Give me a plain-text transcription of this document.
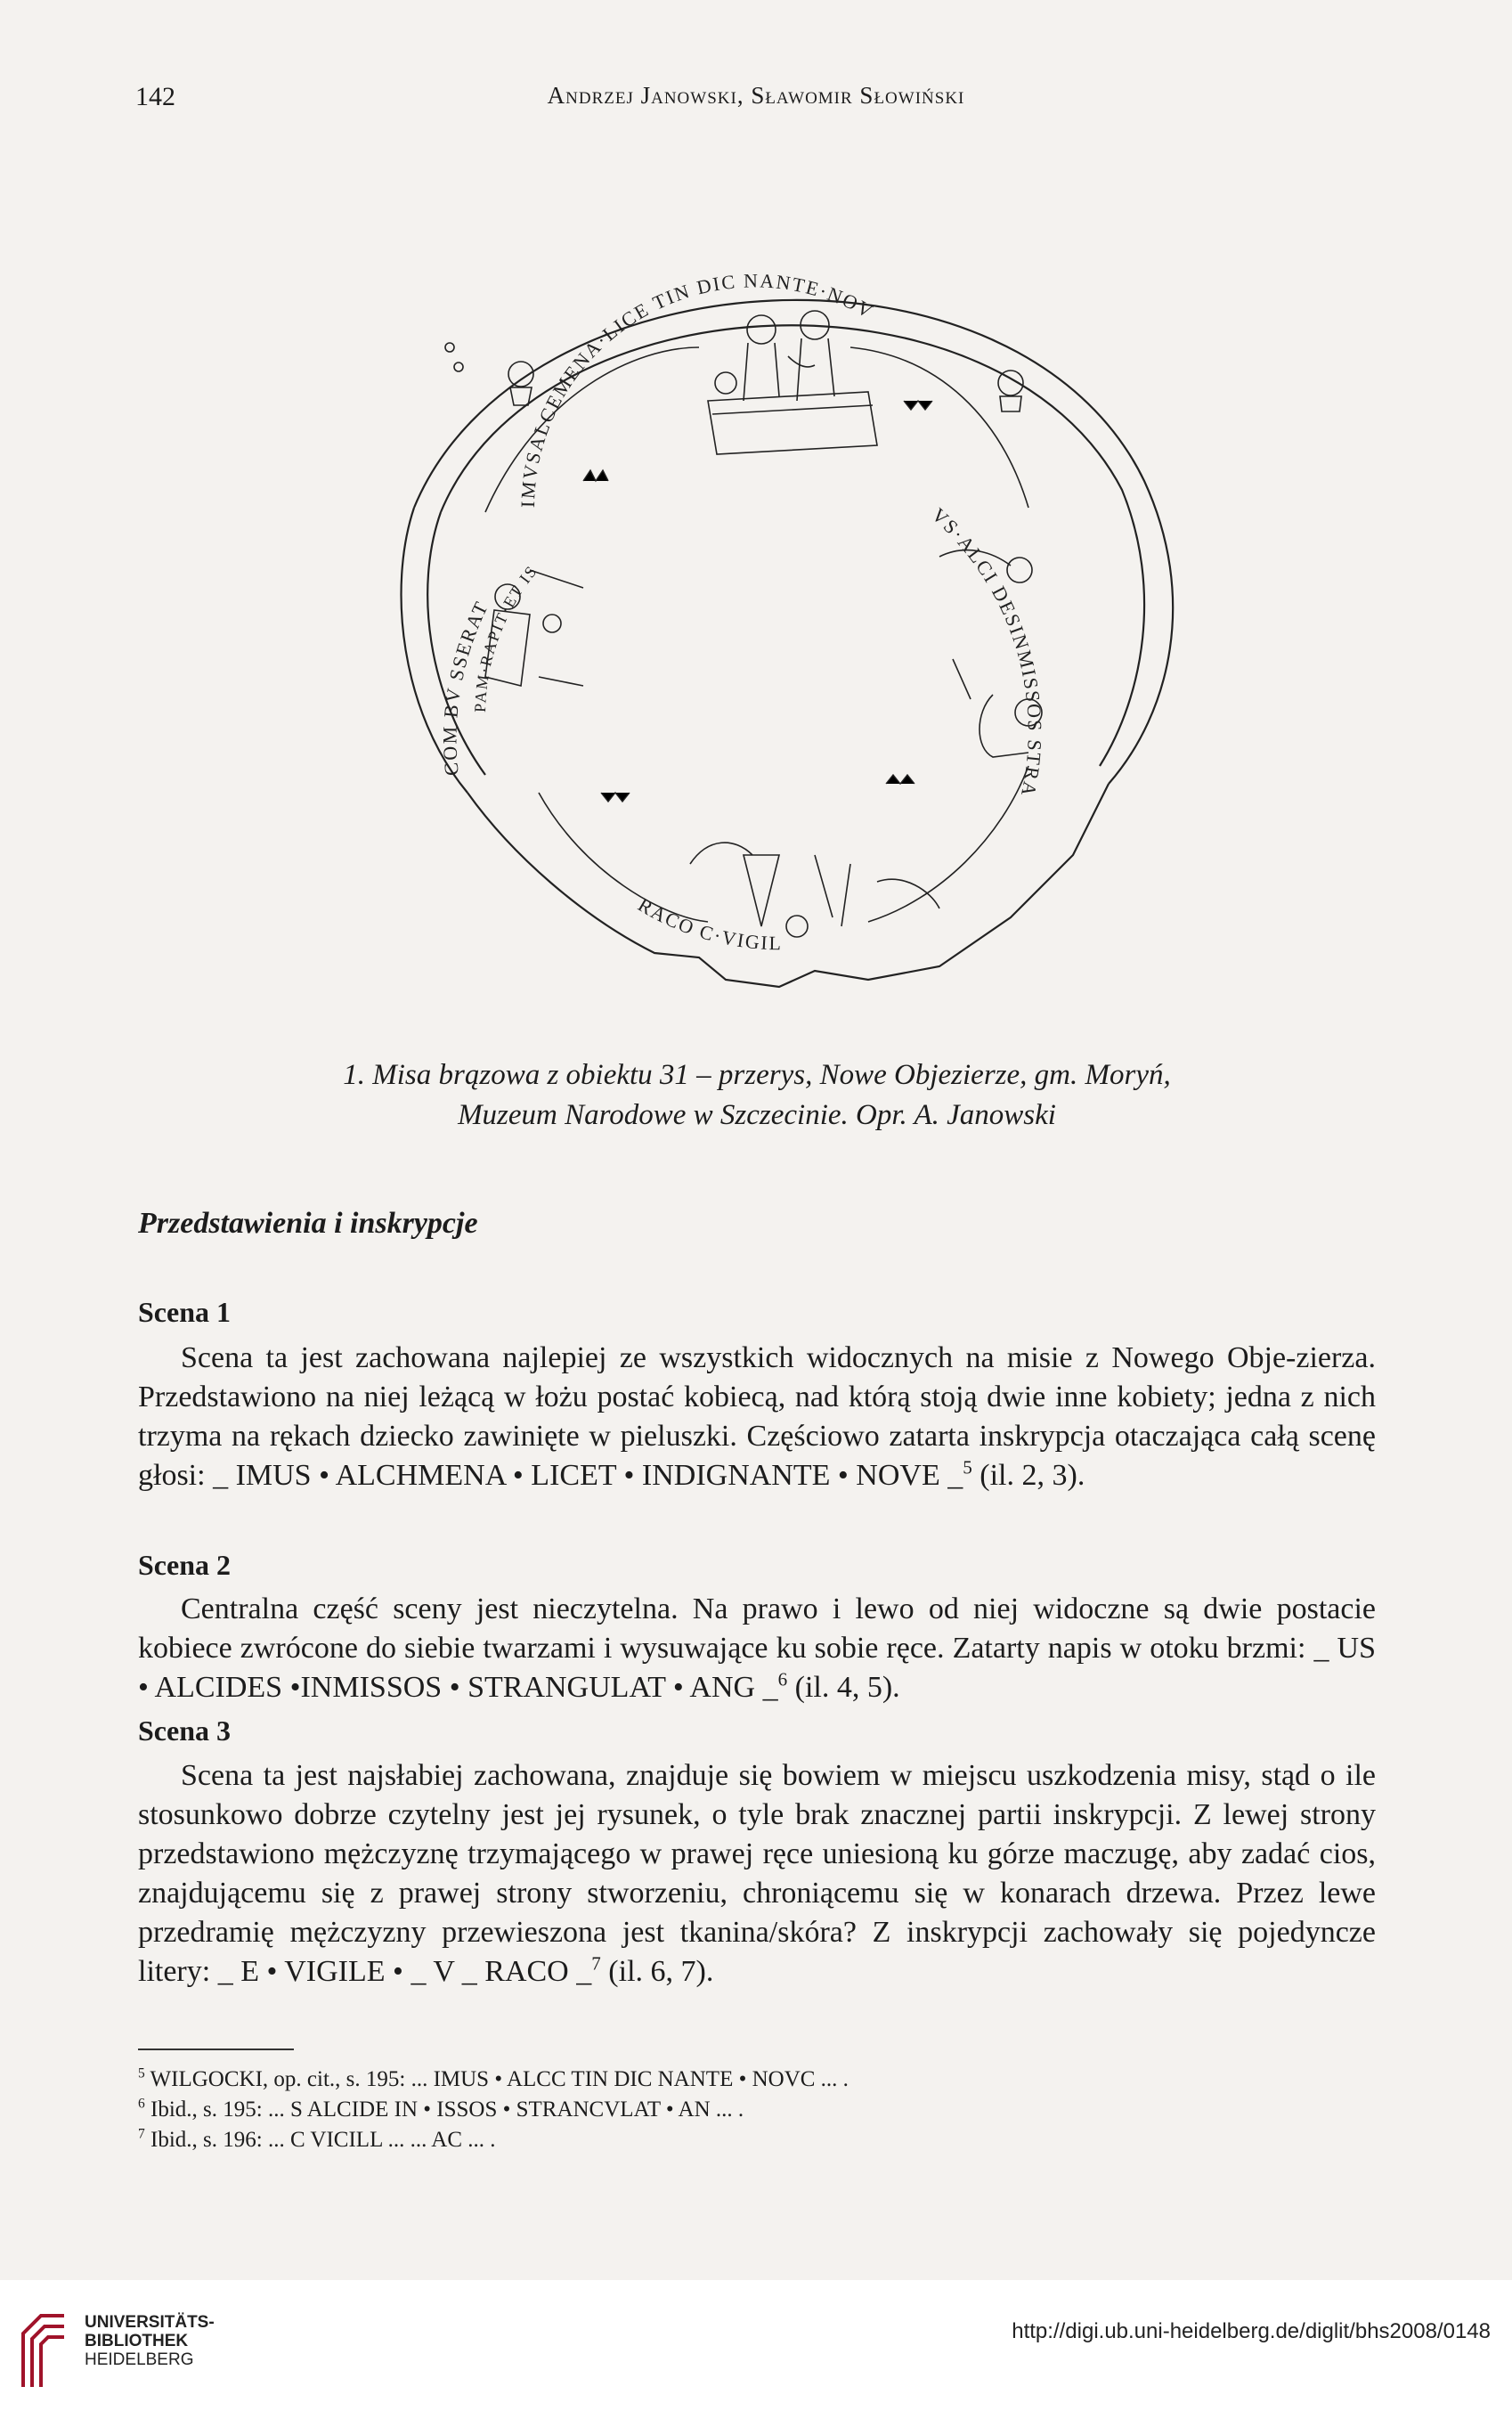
142	Andrzej Janowski, Sławomir Słowiński
IMVSALCEMENA·LICE TIN DIC NANTE·NOV
COM BV SSERAT
PAM·RAPIT·ET IS
VS·ALCI DESINMISSOS STRA
RACO C·VIGIL
1. Misa brązowa z obiektu 31 – przerys, Nowe Objezierze, gm. Moryń,
Muzeum Narodowe w Szczecinie. Opr. A. Janowski
Przedstawienia i inskrypcje
Scena 1
Scena ta jest zachowana najlepiej ze wszystkich widocznych na misie z Nowego Obje-zierza. Przedstawiono na niej leżącą w łożu postać kobiecą, nad którą stoją dwie inne kobiety; jedna z nich trzyma na rękach dziecko zawinięte w pieluszki. Częściowo zatarta inskrypcja otaczająca całą scenę głosi: _ IMUS • ALCHMENA • LICET • INDIGNANTE • NOVE _$^5$ (il. 2, 3).
Scena 2
Centralna część sceny jest nieczytelna. Na prawo i lewo od niej widoczne są dwie postacie kobiece zwrócone do siebie twarzami i wysuwające ku sobie ręce. Zatarty napis w otoku brzmi: _ US • ALCIDES •INMISSOS • STRANGULAT • ANG _$^6$ (il. 4, 5).
Scena 3
Scena ta jest najsłabiej zachowana, znajduje się bowiem w miejscu uszkodzenia misy, stąd o ile stosunkowo dobrze czytelny jest jej rysunek, o tyle brak znacznej partii inskrypcji. Z lewej strony przedstawiono mężczyznę trzymającego w prawej ręce uniesioną ku górze maczugę, aby zadać cios, znajdującemu się z prawej strony stworzeniu, chroniącemu się w konarach drzewa. Przez lewe przedramię mężczyzny przewieszona jest tkanina/skóra? Z inskrypcji zachowały się pojedyncze litery: _ E • VIGILE • _ V _ RACO _$^7$ (il. 6, 7).
$^5$ WILGOCKI, op. cit., s. 195: ... IMUS • ALCC TIN DIC NANTE • NOVC ... .
$^6$ Ibid., s. 195: ... S ALCIDE IN • ISSOS • STRANCVLAT • AN ... .
$^7$ Ibid., s. 196: ... C VICILL ... ... AC ... .
UNIVERSITÄTS-
BIBLIOTHEK
HEIDELBERG
http://digi.ub.uni-heidelberg.de/diglit/bhs2008/0148
